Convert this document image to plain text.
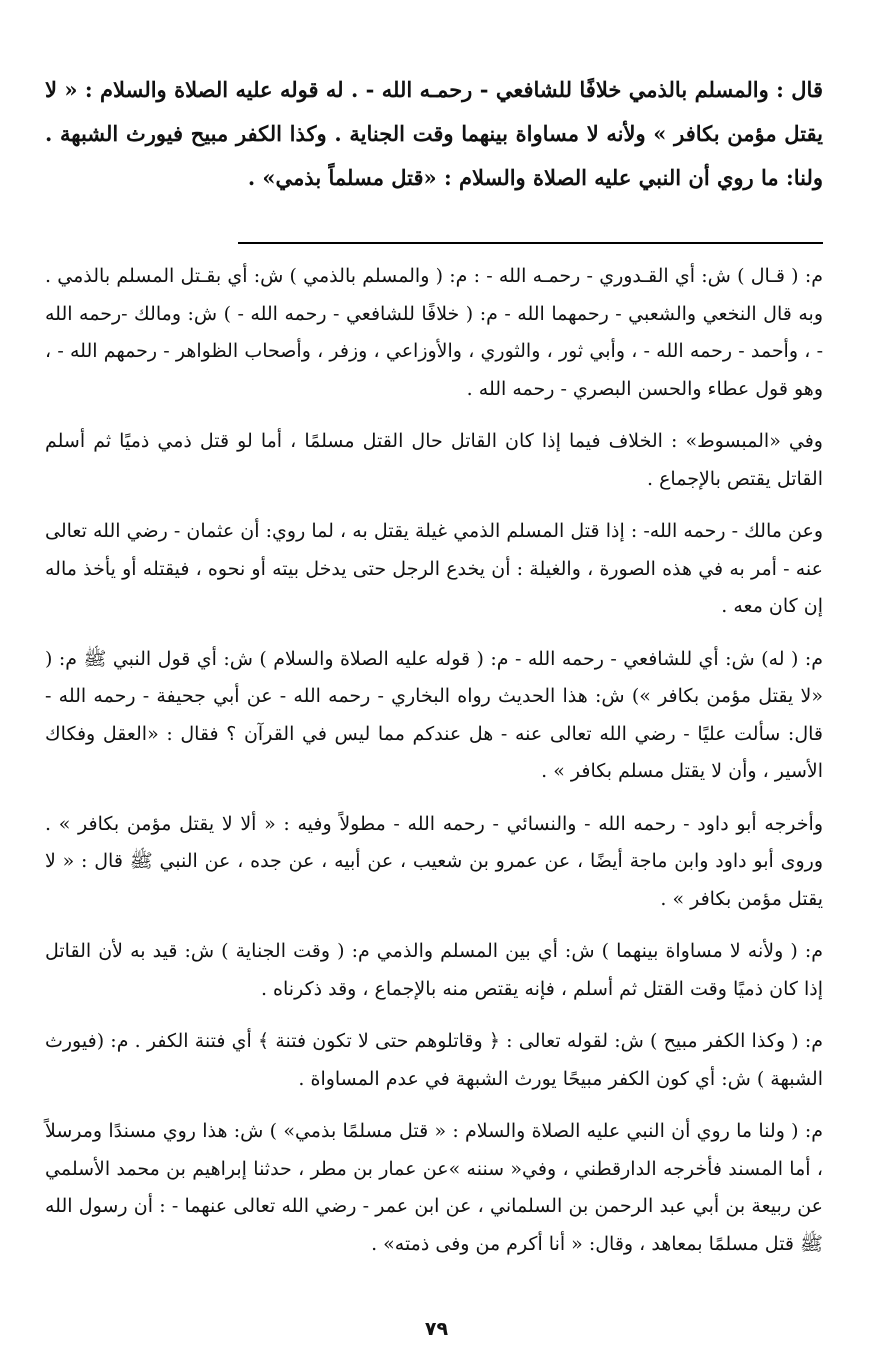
قال : والمسلم بالذمي خلافًا للشافعي - رحمـه الله - . له قوله عليه الصلاة والسلام : « لا يقتل مؤمن بكافر » ولأنه لا مساواة بينهما وقت الجناية . وكذا الكفر مبيح فيورث الشبهة . ولنا: ما روي أن النبي عليه الصلاة والسلام : «قتل مسلماً بذمي» .

م: ( قـال ) ش: أي القـدوري - رحمـه الله - : م: ( والمسلم بالذمي ) ش: أي بقـتل المسلم بالذمي . وبه قال النخعي والشعبي - رحمهما الله - م: ( خلافًا للشافعي - رحمه الله - ) ش: ومالك -رحمه الله - ، وأحمد - رحمه الله - ، وأبي ثور ، والثوري ، والأوزاعي ، وزفر ، وأصحاب الظواهر - رحمهم الله - ، وهو قول عطاء والحسن البصري - رحمه الله .

وفي «المبسوط» : الخلاف فيما إذا كان القاتل حال القتل مسلمًا ، أما لو قتل ذمي ذميًا ثم أسلم القاتل يقتص بالإجماع .

وعن مالك - رحمه الله- : إذا قتل المسلم الذمي غيلة يقتل به ، لما روي: أن عثمان - رضي الله تعالى عنه - أمر به في هذه الصورة ، والغيلة : أن يخدع الرجل حتى يدخل بيته أو نحوه ، فيقتله أو يأخذ ماله إن كان معه .

م: ( له) ش: أي للشافعي - رحمه الله - م: ( قوله عليه الصلاة والسلام ) ش: أي قول النبي ﷺ م: ( «لا يقتل مؤمن بكافر ») ش: هذا الحديث رواه البخاري - رحمه الله - عن أبي جحيفة - رحمه الله - قال: سألت عليًا - رضي الله تعالى عنه - هل عندكم مما ليس في القرآن ؟ فقال : «العقل وفكاك الأسير ، وأن لا يقتل مسلم بكافر » .

وأخرجه أبو داود - رحمه الله - والنسائي - رحمه الله - مطولاً وفيه : « ألا لا يقتل مؤمن بكافر » . وروى أبو داود وابن ماجة أيضًا ، عن عمرو بن شعيب ، عن أبيه ، عن جده ، عن النبي ﷺ قال : « لا يقتل مؤمن بكافر » .

م: ( ولأنه لا مساواة بينهما ) ش: أي بين المسلم والذمي م: ( وقت الجناية ) ش: قيد به لأن القاتل إذا كان ذميًا وقت القتل ثم أسلم ، فإنه يقتص منه بالإجماع ، وقد ذكرناه .

م: ( وكذا الكفر مبيح ) ش: لقوله تعالى : ﴿ وقاتلوهم حتى لا تكون فتنة ﴾ أي فتنة الكفر . م: (فيورث الشبهة ) ش: أي كون الكفر مبيحًا يورث الشبهة في عدم المساواة .

م: ( ولنا ما روي أن النبي عليه الصلاة والسلام : « قتل مسلمًا بذمي» ) ش: هذا روي مسندًا ومرسلاً ، أما المسند فأخرجه الدارقطني ، وفي« سننه »عن عمار بن مطر ، حدثنا إبراهيم بن محمد الأسلمي عن ربيعة بن أبي عبد الرحمن بن السلماني ، عن ابن عمر - رضي الله تعالى عنهما - : أن رسول الله ﷺ قتل مسلمًا بمعاهد ، وقال: « أنا أكرم من وفى ذمته» .

٧٩
